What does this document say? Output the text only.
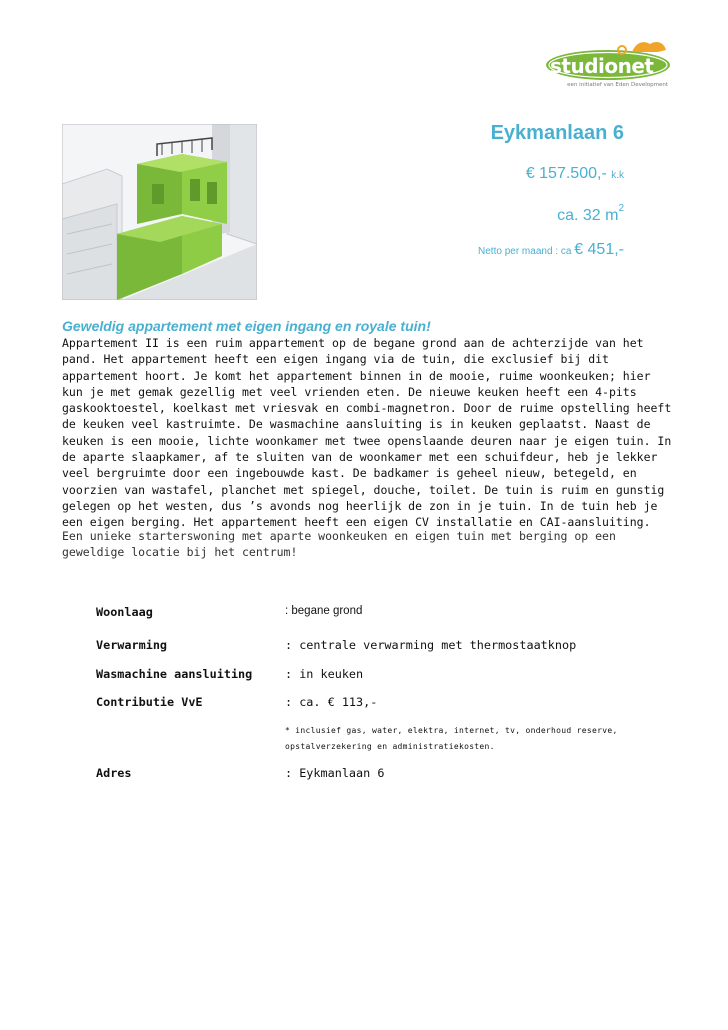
studionet
een initiatief van Eden Development
Eykmanlaan 6
€ 157.500,- k.k
ca. 32 $m^2$
Netto per maand : ca € 451,-
Geweldig appartement met eigen ingang en royale tuin!
Appartement II is een ruim appartement op de begane grond aan de achterzijde van het pand. Het appartement heeft een eigen ingang via de tuin, die exclusief bij dit appartement hoort. Je komt het appartement binnen in de mooie, ruime woonkeuken; hier kun je met gemak gezellig met veel vrienden eten. De nieuwe keuken heeft een 4-pits gaskooktoestel, koelkast met vriesvak en combi-magnetron. Door de ruime opstelling heeft de keuken veel kastruimte. De wasmachine aansluiting is in keuken geplaatst. Naast de keuken is een mooie, lichte woonkamer met twee openslaande deuren naar je eigen tuin. In de aparte slaapkamer, af te sluiten van de woonkamer met een schuifdeur, heb je lekker veel bergruimte door een ingebouwde kast. De badkamer is geheel nieuw, betegeld, en voorzien van wastafel, planchet met spiegel, douche, toilet. De tuin is ruim en gunstig gelegen op het westen, dus ’s avonds nog heerlijk de zon in je tuin. In de tuin heb je een eigen berging. Het appartement heeft een eigen CV installatie en CAI-aansluiting.
Een unieke starterswoning met aparte woonkeuken en eigen tuin met berging op een geweldige locatie bij het centrum!
Woonlaag	: begane grond
Verwarming	: centrale verwarming met thermostaatknop
Wasmachine aansluiting	: in keuken
Contributie VvE	: ca. € 113,-
* inclusief gas, water, elektra, internet, tv, onderhoud reserve,
opstalverzekering en administratiekosten.
Adres	: Eykmanlaan 6
